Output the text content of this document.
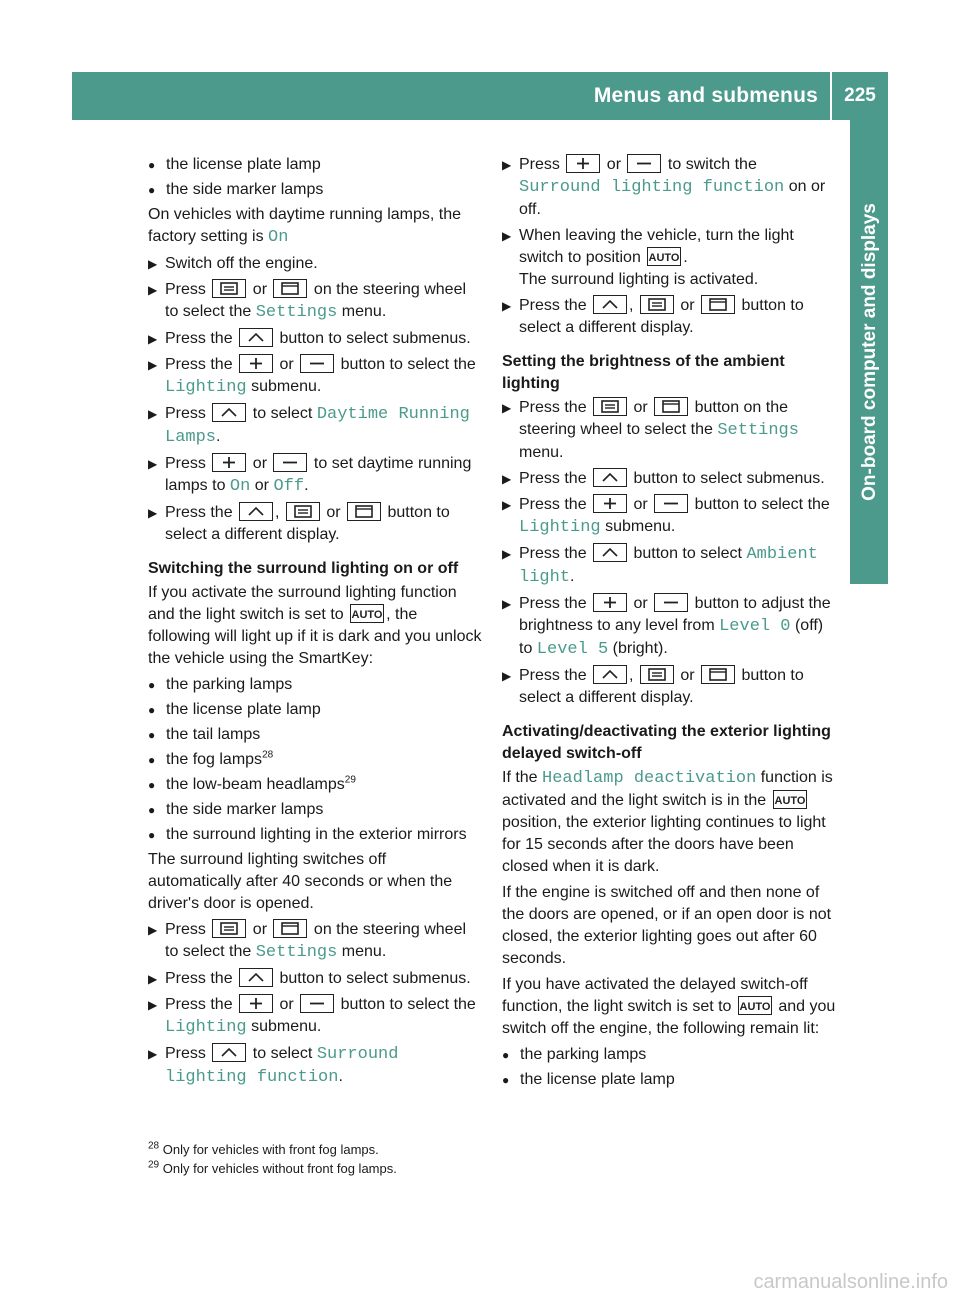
Menus and submenus	225
On-board computer and displays

● the license plate lamp

● the side marker lamps

On vehicles with daytime running lamps, the factory setting is On

▶ Switch off the engine.

▶ Press
or
on the steering wheel to select the Settings menu.

▶ Press the
button to select submenus.

▶ Press the
or
button to select the Lighting submenu.

▶ Press
to select Daytime Running Lamps.

▶ Press
or
to set daytime running lamps to On or Off.

▶ Press the
,
or
button to select a different display.

Switching the surround lighting on or off

If you activate the surround lighting function and the light switch is set to AUTO , the following will light up if it is dark and you unlock the vehicle using the SmartKey:

● the parking lamps

● the license plate lamp

● the tail lamps

● the fog lamps$^{28}$

● the low-beam headlamps$^{29}$

● the side marker lamps

● the surround lighting in the exterior mirrors

The surround lighting switches off automatically after 40 seconds or when the driver's door is opened.

▶ Press
or
on the steering wheel to select the Settings menu.

▶ Press the
button to select submenus.

▶ Press the
or
button to select the Lighting submenu.

▶ Press
to select Surround lighting function.

▶ Press
or
to switch the Surround lighting function on or off.

▶ When leaving the vehicle, turn the light switch to position AUTO .

The surround lighting is activated.

▶ Press the
,
or
button to select a different display.

Setting the brightness of the ambient lighting

▶ Press the
or
button on the steering wheel to select the Settings menu.

▶ Press the
button to select submenus.

▶ Press the
or
button to select the Lighting submenu.

▶ Press the
button to select Ambient light.

▶ Press the
or
button to adjust the brightness to any level from Level 0 (off) to Level 5 (bright).

▶ Press the
,
or
button to select a different display.

Activating/deactivating the exterior lighting delayed switch-off

If the Headlamp deactivation function is activated and the light switch is in the AUTO
position, the exterior lighting continues to light for 15 seconds after the doors have been closed when it is dark.

If the engine is switched off and then none of the doors are opened, or if an open door is not closed, the exterior lighting goes out after 60 seconds.

If you have activated the delayed switch-off function, the light switch is set to AUTO and you switch off the engine, the following remain lit:

● the parking lamps

● the license plate lamp

$^{28}$ Only for vehicles with front fog lamps.
$^{29}$ Only for vehicles without front fog lamps.
carmanualsonline.info
